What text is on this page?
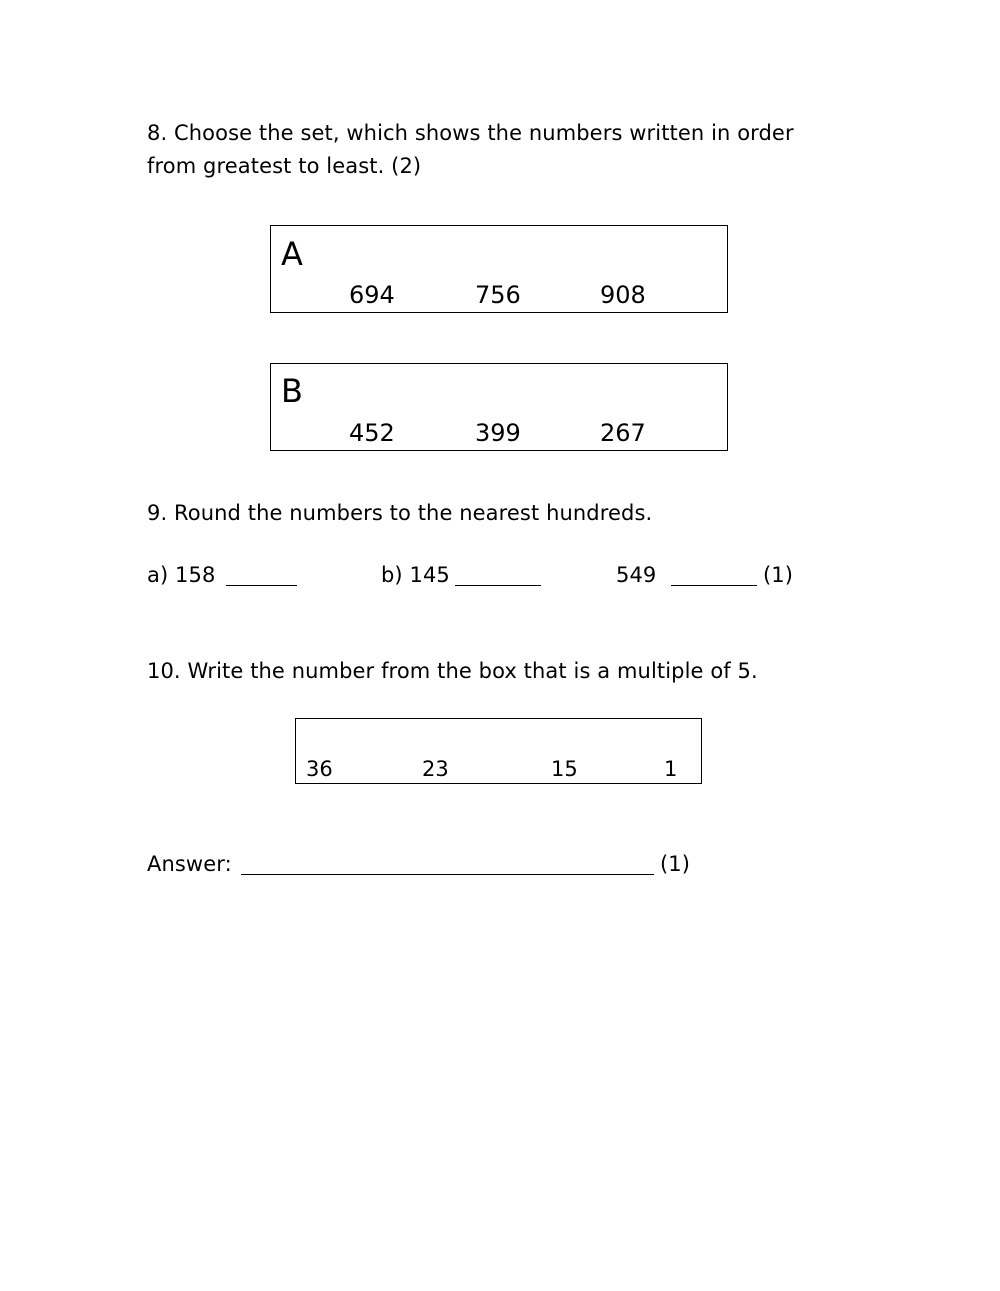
8. Choose the set, which shows the numbers written in order
from greatest to least. (2)
A
694	756	908
B
452	399	267
9. Round the numbers to the nearest hundreds.
a) 158	b) 145	549	(1)
10. Write the number from the box that is a multiple of 5.
36	23	15	1
Answer:	(1)
